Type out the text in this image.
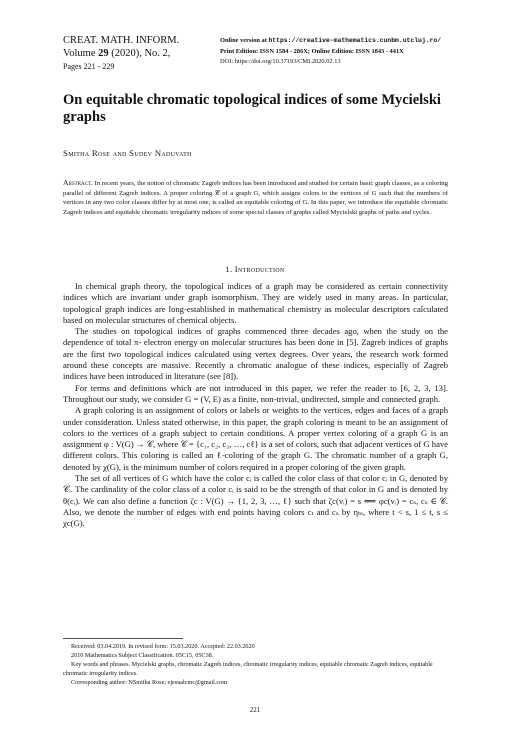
CREAT. MATH. INFORM.
Volume 29 (2020), No. 2,
Pages 221 - 229
Online version at https://creative-mathematics.cunbm.utcluj.ro/
Print Edition: ISSN 1584 - 286X; Online Edition: ISSN 1843 - 441X
DOI: https://doi.org/10.37193/CMI.2020.02.13
On equitable chromatic topological indices of some Mycielski graphs
Smitha Rose and Sudev Naduvath
Abstract. In recent years, the notion of chromatic Zagreb indices has been introduced and studied for certain basic graph classes, as a coloring parallel of different Zagreb indices. A proper coloring 𝒞 of a graph G, which assigns colors to the vertices of G such that the numbers of vertices in any two color classes differ by at most one, is called an equitable coloring of G. In this paper, we introduce the equitable chromatic Zagreb indices and equitable chromatic irregularity indices of some special classes of graphs called Mycielski graphs of paths and cycles.
1. Introduction

In chemical graph theory, the topological indices of a graph may be considered as certain connectivity indices which are invariant under graph isomorphism. They are widely used in many areas. In particular, topological graph indices are long-established in mathematical chemistry as molecular descriptors calculated based on molecular structures of chemical objects.

The studies on topological indices of graphs commenced three decades ago, when the study on the dependence of total π- electron energy on molecular structures has been done in [5]. Zagreb indices of graphs are the first two topological indices calculated using vertex degrees. Over years, the research work formed around these concepts are massive. Recently a chromatic analogue of these indices, especially of Zagreb indices have been introduced in literature (see [8]).

For terms and definitions which are not introduced in this paper, we refer the reader to [6, 2, 3, 13]. Throughout our study, we consider G = (V, E) as a finite, non-trivial, undirected, simple and connected graph.

A graph coloring is an assignment of colors or labels or weights to the vertices, edges and faces of a graph under consideration. Unless stated otherwise, in this paper, the graph coloring is meant to be an assignment of colors to the vertices of a graph subject to certain conditions. A proper vertex coloring of a graph G is an assignment φ : V(G) → 𝒞, where 𝒞 = {c₁, c₂, c₃, …, cℓ} is a set of colors, such that adjacent vertices of G have different colors. This coloring is called an ℓ-coloring of the graph G. The chromatic number of a graph G, denoted by χ(G), is the minimum number of colors required in a proper coloring of the given graph.

The set of all vertices of G which have the color cᵢ is called the color class of that color cᵢ in G, denoted by 𝒞ᵢ. The cardinality of the color class of a color cᵢ is said to be the strength of that color in G and is denoted by θ(cᵢ). We can also define a function ζc : V(G) → {1, 2, 3, …, ℓ} such that ζc(vᵢ) = s ⟺ φc(vᵢ) = cₛ, cₛ ∈ 𝒞. Also, we denote the number of edges with end points having colors cₜ and cₛ by ηₜₛ, where t < s, 1 ≤ t, s ≤ χc(G).

Received: 03.04.2019. In revised form: 15.03.2020. Accepted: 22.03.2020
2010 Mathematics Subject Classification. 05C15, 05C38.
Key words and phrases. Mycielski graphs, chromatic Zagreb indices, chromatic irregularity indices, equitable chromatic Zagreb indices, equitable chromatic irregularity indices.
Corresponding author: NSmitha Rose; ejesualcmc@gmail.com
221
